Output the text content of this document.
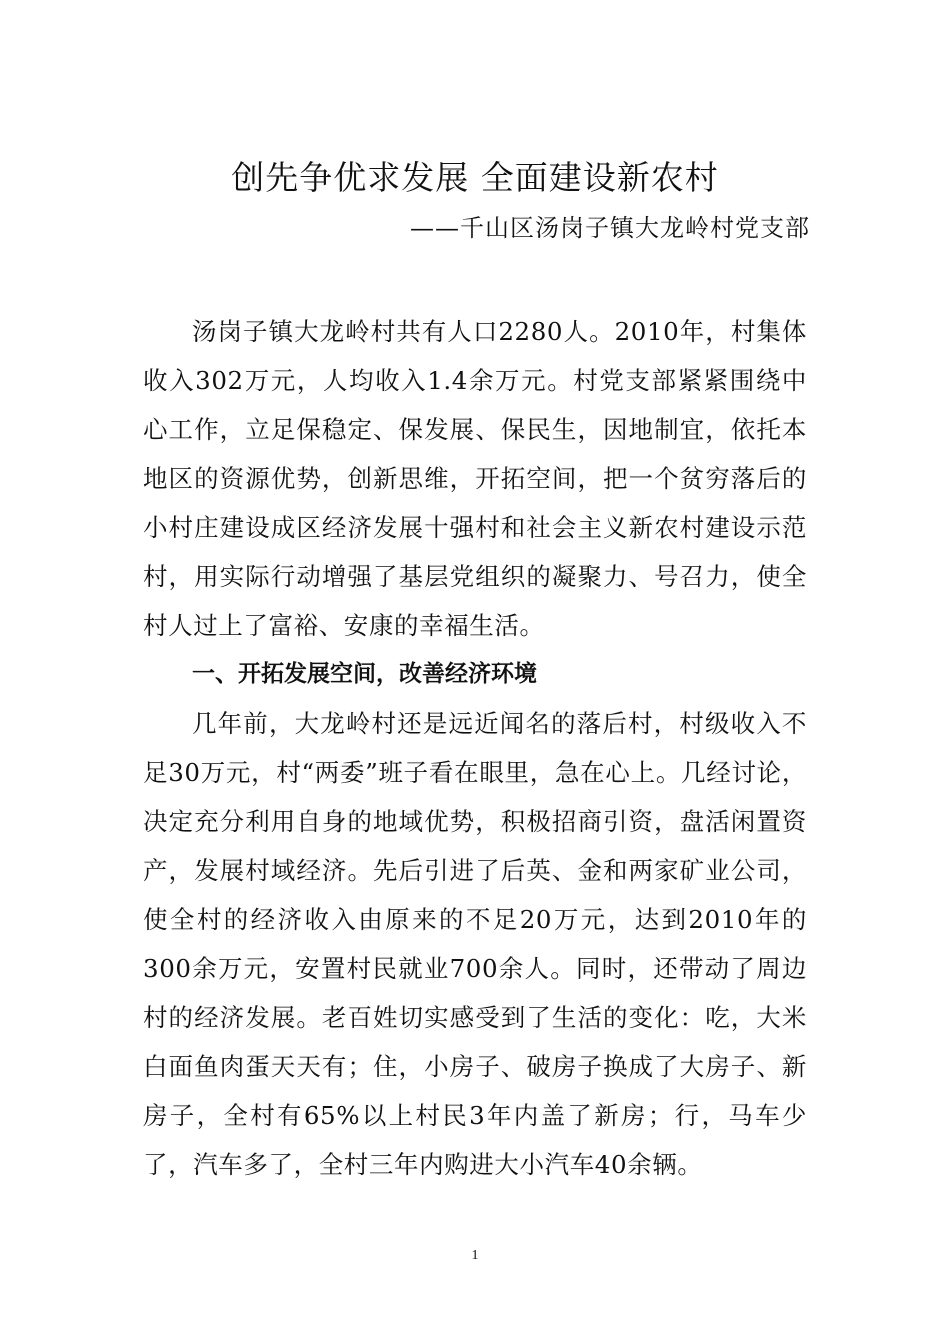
创先争优求发展 全面建设新农村

——千山区汤岗子镇大龙岭村党支部

汤岗子镇大龙岭村共有人口2280人。2010年，村集体收入302万元，人均收入1.4余万元。村党支部紧紧围绕中心工作，立足保稳定、保发展、保民生，因地制宜，依托本地区的资源优势，创新思维，开拓空间，把一个贫穷落后的小村庄建设成区经济发展十强村和社会主义新农村建设示范村，用实际行动增强了基层党组织的凝聚力、号召力，使全村人过上了富裕、安康的幸福生活。

一、开拓发展空间，改善经济环境

几年前，大龙岭村还是远近闻名的落后村，村级收入不足30万元，村“两委”班子看在眼里，急在心上。几经讨论，决定充分利用自身的地域优势，积极招商引资，盘活闲置资产，发展村域经济。先后引进了后英、金和两家矿业公司，使全村的经济收入由原来的不足20万元，达到2010年的300余万元，安置村民就业700余人。同时，还带动了周边村的经济发展。老百姓切实感受到了生活的变化：吃，大米白面鱼肉蛋天天有；住，小房子、破房子换成了大房子、新房子，全村有65%以上村民3年内盖了新房；行，马车少了，汽车多了，全村三年内购进大小汽车40余辆。

1
